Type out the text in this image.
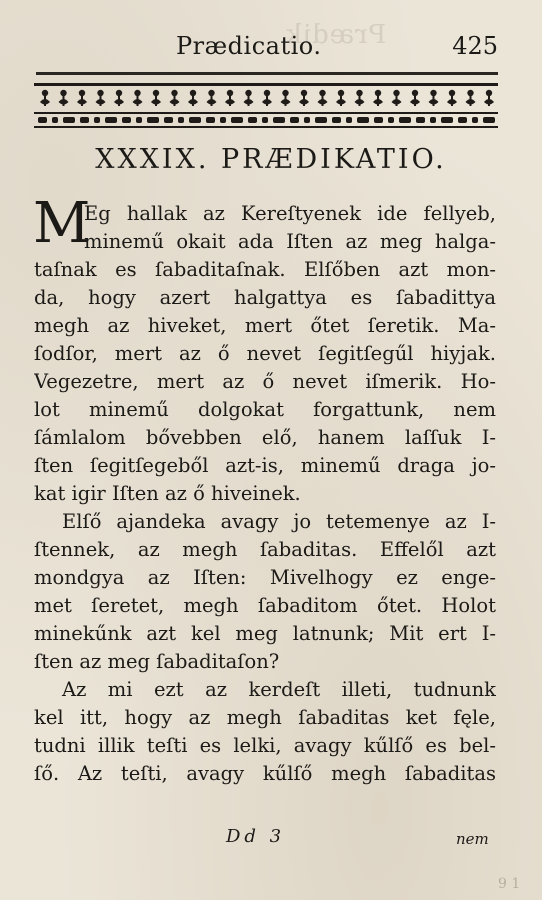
Prædik
Prædicatio.	425
XXXIX. PRÆDIKATIO.
M
Eg hallak az Kereſtyenek ide fellyeb,
minemű okait ada Iſten az meg halga-
taſnak es ſabaditaſnak. Elſőben azt mon-
da, hogy azert halgattya es ſabadittya
megh az hiveket, mert őtet ſeretik. Ma-
ſodſor, mert az ő nevet ſegitſegűl hiyjak.
Vegezetre, mert az ő nevet iſmerik. Ho-
lot minemű dolgokat forgattunk, nem
ſámlalom bővebben elő, hanem laſſuk I-
ſten ſegitſegeből azt-is, minemű draga jo-
kat igir Iſten az ő hiveinek.
Elſő ajandeka avagy jo tetemenye az I-
ſtennek, az megh ſabaditas. Effelől azt
mondgya az Iſten: Mivelhogy ez enge-
met ſeretet, megh ſabaditom őtet. Holot
minekűnk azt kel meg latnunk; Mit ert I-
ſten az meg ſabaditaſon?
Az mi ezt az kerdeſt illeti, tudnunk
kel itt, hogy az megh ſabaditas ket fęle,
tudni illik teſti es lelki, avagy kűlſő es bel-
ſő. Az teſti, avagy kűlſő megh ſabaditas
Dd 3	nem
9 1
